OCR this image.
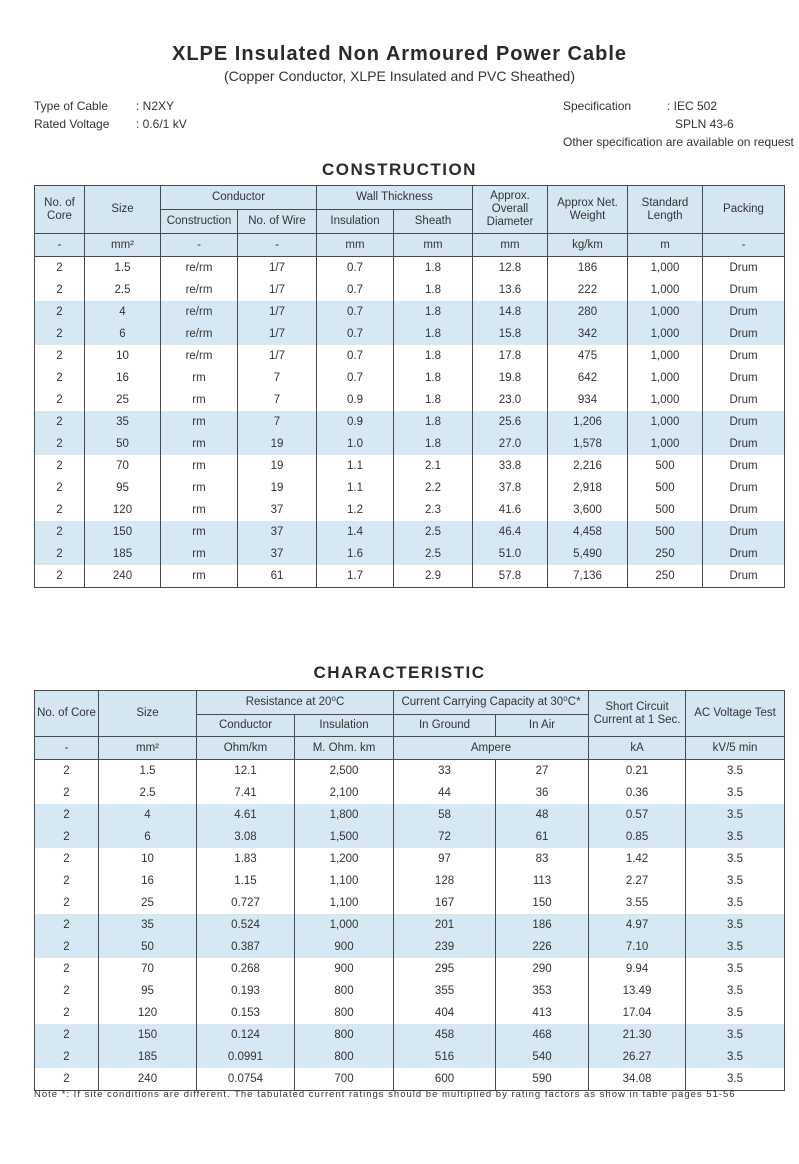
XLPE Insulated Non Armoured Power Cable
(Copper Conductor, XLPE Insulated and PVC Sheathed)
Type of Cable	: N2XY
Rated Voltage	: 0.6/1 kV
Specification	: IEC 502
SPLN 43-6
Other specification are available on request
CONSTRUCTION
No. of Core	Size	Conductor		Wall Thickness		Approx. Overall Diameter	Approx Net. Weight	Standard Length	Packing
		Construction	No. of Wire	Insulation	Sheath				
-	mm²	-	-	mm	mm	mm	kg/km	m	-
2	1.5	re/rm	1/7	0.7	1.8	12.8	186	1,000	Drum
2	2.5	re/rm	1/7	0.7	1.8	13.6	222	1,000	Drum
2	4	re/rm	1/7	0.7	1.8	14.8	280	1,000	Drum
2	6	re/rm	1/7	0.7	1.8	15.8	342	1,000	Drum
2	10	re/rm	1/7	0.7	1.8	17.8	475	1,000	Drum
2	16	rm	7	0.7	1.8	19.8	642	1,000	Drum
2	25	rm	7	0.9	1.8	23.0	934	1,000	Drum
2	35	rm	7	0.9	1.8	25.6	1,206	1,000	Drum
2	50	rm	19	1.0	1.8	27.0	1,578	1,000	Drum
2	70	rm	19	1.1	2.1	33.8	2,216	500	Drum
2	95	rm	19	1.1	2.2	37.8	2,918	500	Drum
2	120	rm	37	1.2	2.3	41.6	3,600	500	Drum
2	150	rm	37	1.4	2.5	46.4	4,458	500	Drum
2	185	rm	37	1.6	2.5	51.0	5,490	250	Drum
2	240	rm	61	1.7	2.9	57.8	7,136	250	Drum
CHARACTERISTIC
No. of Core	Size	Resistance at 20⁰C		Current Carrying Capacity at 30⁰C*		Short Circuit Current at 1 Sec.	AC Voltage Test
		Conductor	Insulation	In Ground	In Air		
-	mm²	Ohm/km	M. Ohm. km	Ampere		kA	kV/5 min
2	1.5	12.1	2,500	33	27	0.21	3.5
2	2.5	7.41	2,100	44	36	0.36	3.5
2	4	4.61	1,800	58	48	0.57	3.5
2	6	3.08	1,500	72	61	0.85	3.5
2	10	1.83	1,200	97	83	1.42	3.5
2	16	1.15	1,100	128	113	2.27	3.5
2	25	0.727	1,100	167	150	3.55	3.5
2	35	0.524	1,000	201	186	4.97	3.5
2	50	0.387	900	239	226	7.10	3.5
2	70	0.268	900	295	290	9.94	3.5
2	95	0.193	800	355	353	13.49	3.5
2	120	0.153	800	404	413	17.04	3.5
2	150	0.124	800	458	468	21.30	3.5
2	185	0.0991	800	516	540	26.27	3.5
2	240	0.0754	700	600	590	34.08	3.5
Note *: If site conditions are different. The tabulated current ratings should be multiplied by rating factors as show in table pages 51-56
